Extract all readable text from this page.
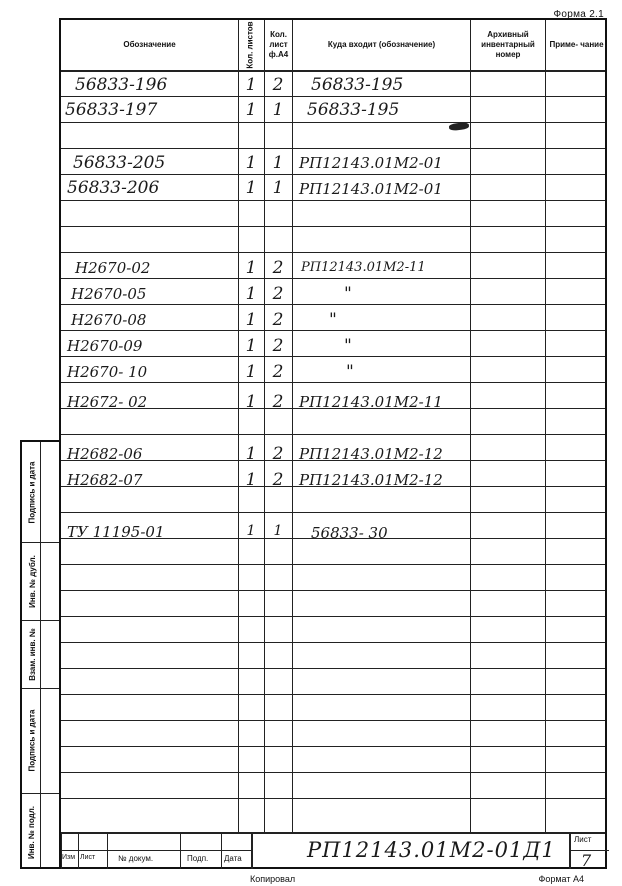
Форма 2.1
Подпись и дата
Инв. № дубл.
Взам. инв. №
Подпись и дата
Инв. № подл.
Обозначение	Кол. листов	Кол. лист ф.А4
Куда входит (обозначение)
Архивный инвентарный номер
Приме- чание
Изм Лист	№ докум.	Подп. Дата	РП12143.01М2-01Д1 Лист
7
56833-196	1 2	56833-195
56833-197	1 1	56833-195
56833-205	1 1	РП12143.01М2-01
56833-206	1 1	РП12143.01М2-01
Н2670-02	1 2	РП12143.01М2-11
Н2670-05	1 2	"
Н2670-08	1 2	"
Н2670-09	1 2	"
Н2670- 10	1 2	"
Н2672- 02	1 2	РП12143.01М2-11
Н2682-06	1 2	РП12143.01М2-12
Н2682-07	1 2	РП12143.01М2-12
ТУ 11195-01	1	1	56833- 30
Копировал	Формат А4
